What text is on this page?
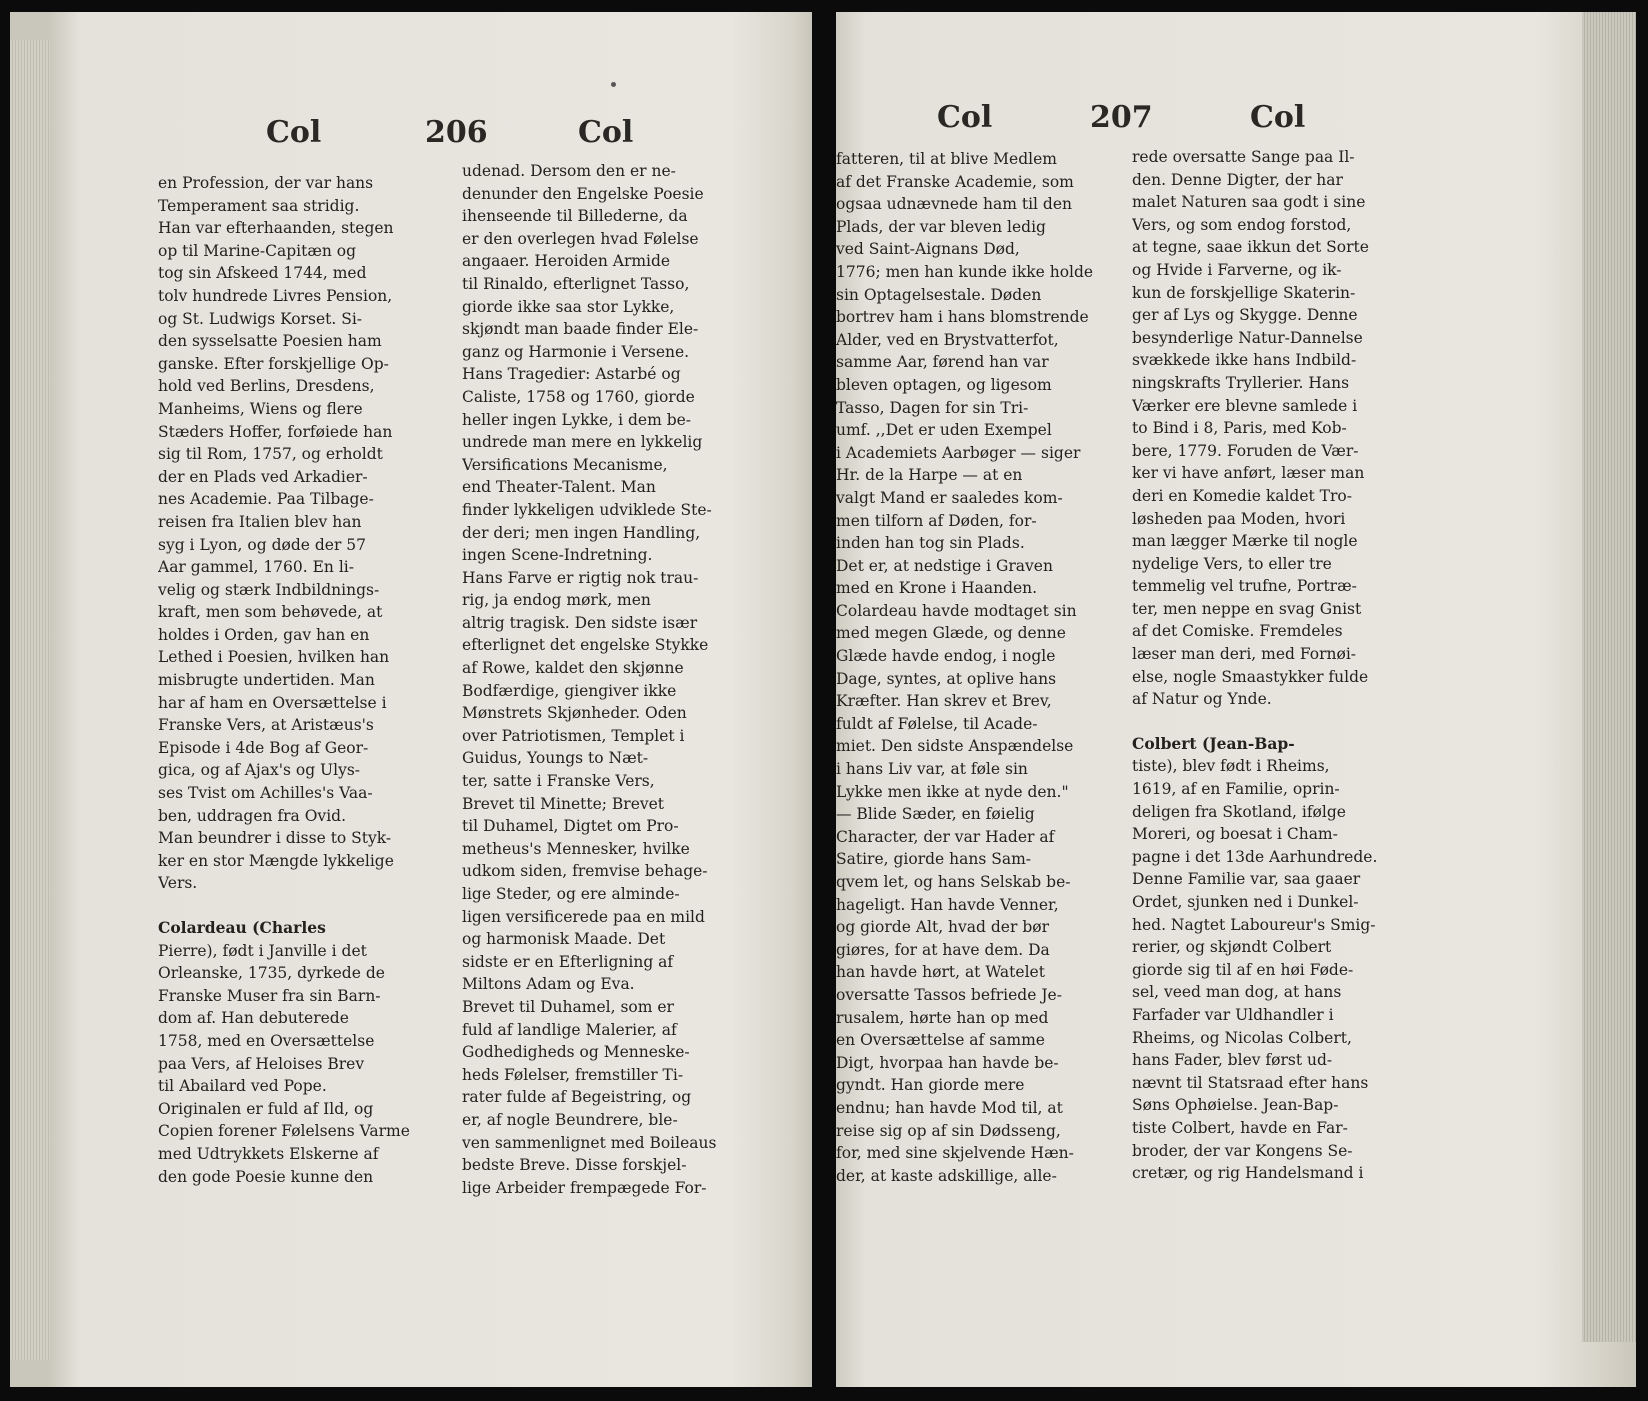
Col	206	Col	Col	207	Col
en Profession, der var hans
Temperament saa stridig.
Han var efterhaanden, stegen
op til Marine-Capitæn og
tog sin Afskeed 1744, med
tolv hundrede Livres Pension,
og St. Ludwigs Korset. Si-
den sysselsatte Poesien ham
ganske. Efter forskjellige Op-
hold ved Berlins, Dresdens,
Manheims, Wiens og flere
Stæders Hoffer, forføiede han
sig til Rom, 1757, og erholdt
der en Plads ved Arkadier-
nes Academie. Paa Tilbage-
reisen fra Italien blev han
syg i Lyon, og døde der 57
Aar gammel, 1760. En li-
velig og stærk Indbildnings-
kraft, men som behøvede, at
holdes i Orden, gav han en
Lethed i Poesien, hvilken han
misbrugte undertiden. Man
har af ham en Oversættelse i
Franske Vers, at Aristæus's
Episode i 4de Bog af Geor-
gica, og af Ajax's og Ulys-
ses Tvist om Achilles's Vaa-
ben, uddragen fra Ovid.
Man beundrer i disse to Styk-
ker en stor Mængde lykkelige
Vers.
Colardeau (Charles
Pierre), født i Janville i det
Orleanske, 1735, dyrkede de
Franske Muser fra sin Barn-
dom af. Han debuterede
1758, med en Oversættelse
paa Vers, af Heloises Brev
til Abailard ved Pope.
Originalen er fuld af Ild, og
Copien forener Følelsens Varme
med Udtrykkets Elskerne af
den gode Poesie kunne den
udenad. Dersom den er ne-
denunder den Engelske Poesie
ihenseende til Billederne, da
er den overlegen hvad Følelse
angaaer. Heroiden Armide
til Rinaldo, efterlignet Tasso,
giorde ikke saa stor Lykke,
skjøndt man baade finder Ele-
ganz og Harmonie i Versene.
Hans Tragedier: Astarbé og
Caliste, 1758 og 1760, giorde
heller ingen Lykke, i dem be-
undrede man mere en lykkelig
Versifications Mecanisme,
end Theater-Talent. Man
finder lykkeligen udviklede Ste-
der deri; men ingen Handling,
ingen Scene-Indretning.
Hans Farve er rigtig nok trau-
rig, ja endog mørk, men
altrig tragisk. Den sidste især
efterlignet det engelske Stykke
af Rowe, kaldet den skjønne
Bodfærdige, giengiver ikke
Mønstrets Skjønheder. Oden
over Patriotismen, Templet i
Guidus, Youngs to Næt-
ter, satte i Franske Vers,
Brevet til Minette; Brevet
til Duhamel, Digtet om Pro-
metheus's Mennesker, hvilke
udkom siden, fremvise behage-
lige Steder, og ere alminde-
ligen versificerede paa en mild
og harmonisk Maade. Det
sidste er en Efterligning af
Miltons Adam og Eva.
Brevet til Duhamel, som er
fuld af landlige Malerier, af
Godhedigheds og Menneske-
heds Følelser, fremstiller Ti-
rater fulde af Begeistring, og
er, af nogle Beundrere, ble-
ven sammenlignet med Boileaus
bedste Breve. Disse forskjel-
lige Arbeider frempægede For-
fatteren, til at blive Medlem
af det Franske Academie, som
ogsaa udnævnede ham til den
Plads, der var bleven ledig
ved Saint-Aignans Død,
1776; men han kunde ikke holde
sin Optagelsestale. Døden
bortrev ham i hans blomstrende
Alder, ved en Brystvatterfot,
samme Aar, førend han var
bleven optagen, og ligesom
Tasso, Dagen for sin Tri-
umf. ,,Det er uden Exempel
i Academiets Aarbøger — siger
Hr. de la Harpe — at en
valgt Mand er saaledes kom-
men tilforn af Døden, for-
inden han tog sin Plads.
Det er, at nedstige i Graven
med en Krone i Haanden.
Colardeau havde modtaget sin
med megen Glæde, og denne
Glæde havde endog, i nogle
Dage, syntes, at oplive hans
Kræfter. Han skrev et Brev,
fuldt af Følelse, til Acade-
miet. Den sidste Anspændelse
i hans Liv var, at føle sin
Lykke men ikke at nyde den."
— Blide Sæder, en føielig
Character, der var Hader af
Satire, giorde hans Sam-
qvem let, og hans Selskab be-
hageligt. Han havde Venner,
og giorde Alt, hvad der bør
giøres, for at have dem. Da
han havde hørt, at Watelet
oversatte Tassos befriede Je-
rusalem, hørte han op med
en Oversættelse af samme
Digt, hvorpaa han havde be-
gyndt. Han giorde mere
endnu; han havde Mod til, at
reise sig op af sin Dødsseng,
for, med sine skjelvende Hæn-
der, at kaste adskillige, alle-
rede oversatte Sange paa Il-
den. Denne Digter, der har
malet Naturen saa godt i sine
Vers, og som endog forstod,
at tegne, saae ikkun det Sorte
og Hvide i Farverne, og ik-
kun de forskjellige Skaterin-
ger af Lys og Skygge. Denne
besynderlige Natur-Dannelse
svækkede ikke hans Indbild-
ningskrafts Tryllerier. Hans
Værker ere blevne samlede i
to Bind i 8, Paris, med Kob-
bere, 1779. Foruden de Vær-
ker vi have anført, læser man
deri en Komedie kaldet Tro-
løsheden paa Moden, hvori
man lægger Mærke til nogle
nydelige Vers, to eller tre
temmelig vel trufne, Portræ-
ter, men neppe en svag Gnist
af det Comiske. Fremdeles
læser man deri, med Fornøi-
else, nogle Smaastykker fulde
af Natur og Ynde.
Colbert (Jean-Bap-
tiste), blev født i Rheims,
1619, af en Familie, oprin-
deligen fra Skotland, ifølge
Moreri, og boesat i Cham-
pagne i det 13de Aarhundrede.
Denne Familie var, saa gaaer
Ordet, sjunken ned i Dunkel-
hed. Nagtet Laboureur's Smig-
rerier, og skjøndt Colbert
giorde sig til af en høi Føde-
sel, veed man dog, at hans
Farfader var Uldhandler i
Rheims, og Nicolas Colbert,
hans Fader, blev først ud-
nævnt til Statsraad efter hans
Søns Ophøielse. Jean-Bap-
tiste Colbert, havde en Far-
broder, der var Kongens Se-
cretær, og rig Handelsmand i
